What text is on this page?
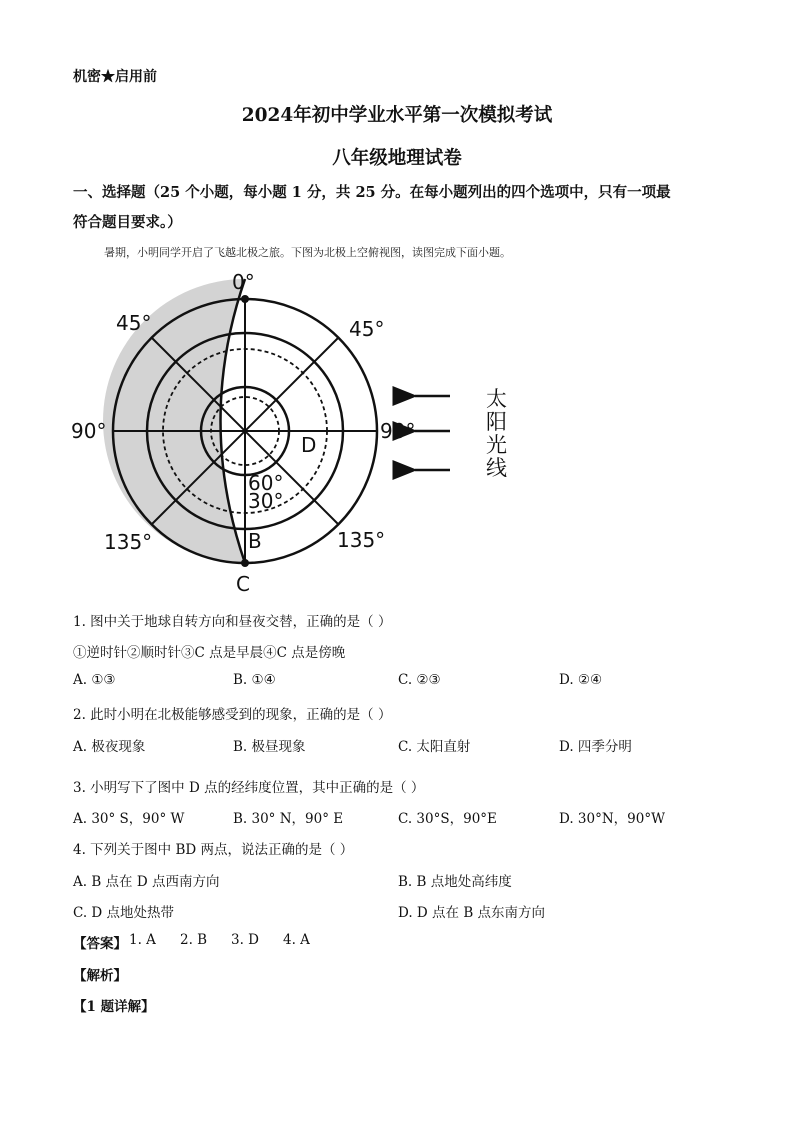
机密★启用前
2024年初中学业水平第一次模拟考试
八年级地理试卷
一、选择题（25 个小题，每小题 1 分，共 25 分。在每小题列出的四个选项中，只有一项最
符合题目要求。）
暑期，小明同学开启了飞越北极之旅。下图为北极上空俯视图，读图完成下面小题。
0°
45°	45°
90°	90°
135°	135°
60°
30°
B
C
D
太
阳
光
线
1. 图中关于地球自转方向和昼夜交替，正确的是（ ）
①逆时针②顺时针③C 点是早晨④C 点是傍晚
A. ①③	B. ①④	C. ②③	D. ②④
2. 此时小明在北极能够感受到的现象，正确的是（ ）
A. 极夜现象	B. 极昼现象	C. 太阳直射	D. 四季分明
3. 小明写下了图中 D 点的经纬度位置，其中正确的是（ ）
A. 30° S，90° W	B. 30° N，90° E	C. 30°S，90°E	D. 30°N，90°W
4. 下列关于图中 BD 两点，说法正确的是（ ）
A. B 点在 D 点西南方向	B. B 点地处高纬度
C. D 点地处热带	D. D 点在 B 点东南方向
【答案】 1. A 2. B 3. D 4. A
【解析】
【1 题详解】
